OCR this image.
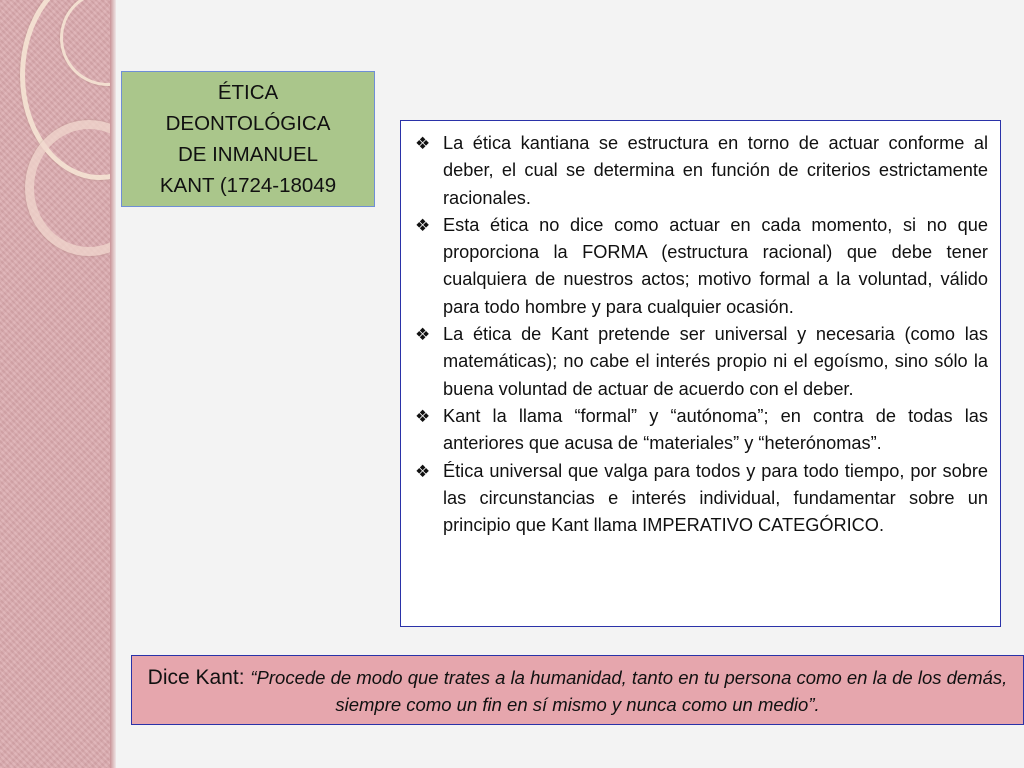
ÉTICA
DEONTOLÓGICA
DE INMANUEL
KANT (1724-18049
❖ La ética kantiana se estructura en torno de actuar conforme al deber, el cual se determina en función de criterios estrictamente racionales.
❖ Esta ética no dice como actuar en cada momento, si no que proporciona la FORMA (estructura racional) que debe tener cualquiera de nuestros actos; motivo formal a la voluntad, válido para todo hombre y para cualquier ocasión.
❖ La ética de Kant pretende ser universal y necesaria (como las matemáticas); no cabe el interés propio ni el egoísmo, sino sólo la buena voluntad de actuar de acuerdo con el deber.
❖ Kant la llama “formal” y “autónoma”; en contra de todas las anteriores que acusa de “materiales” y “heterónomas”.
❖ Ética universal que valga para todos y para todo tiempo, por sobre las circunstancias e interés individual, fundamentar sobre un principio que Kant llama IMPERATIVO CATEGÓRICO.
Dice Kant: “Procede de modo que trates a la humanidad, tanto en tu persona como en la de los demás, siempre como un fin en sí mismo y nunca como un medio”.
